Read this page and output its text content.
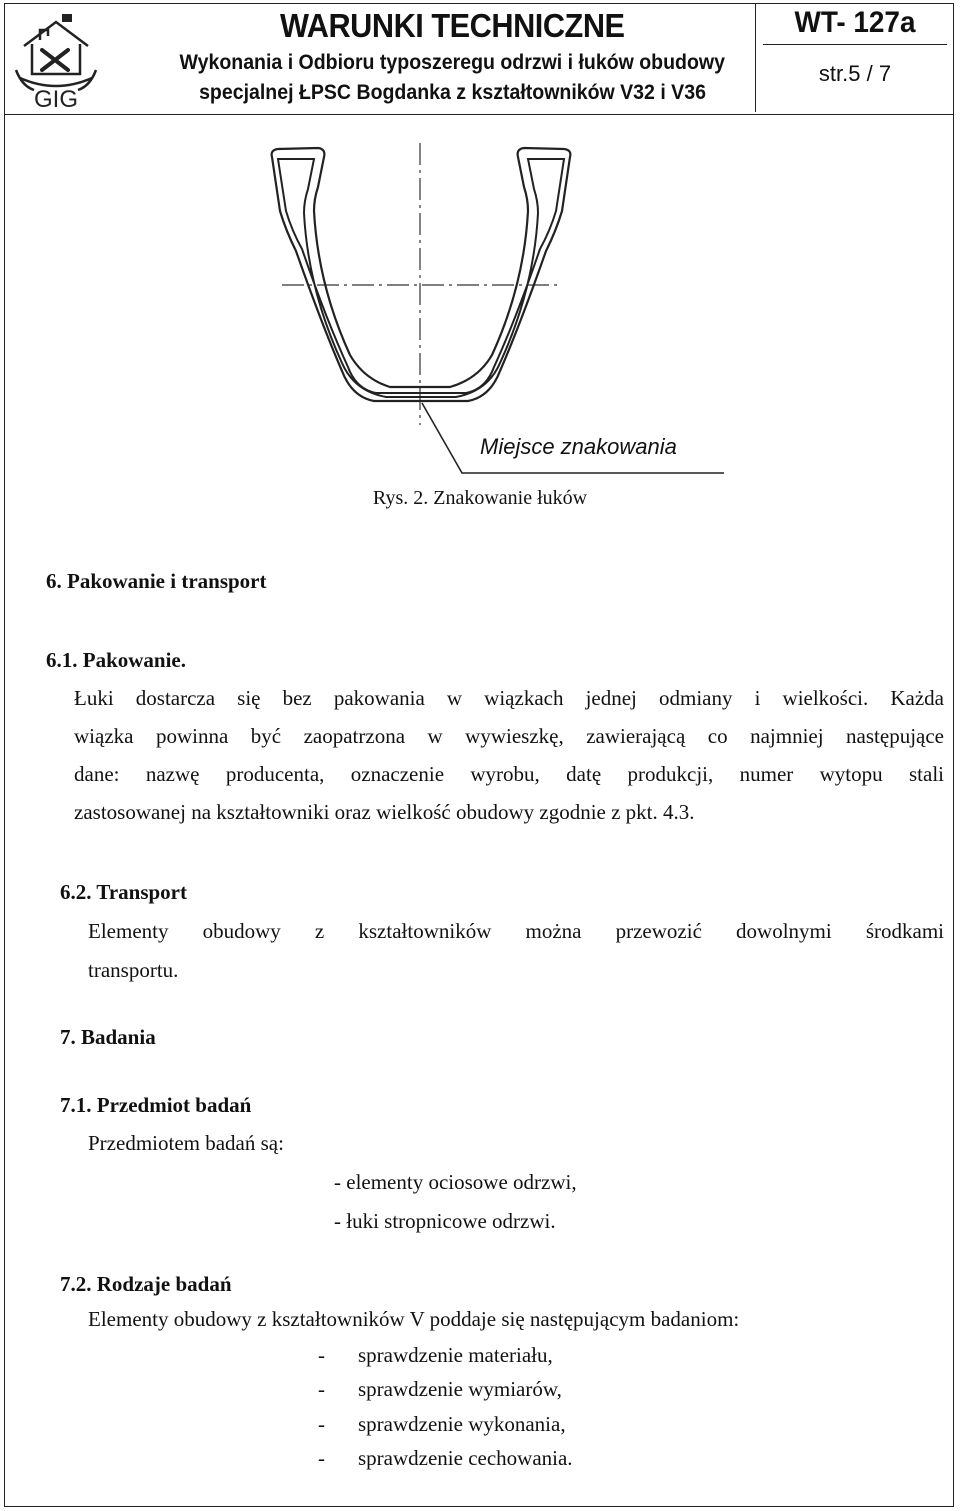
GIG
WARUNKI TECHNICZNE
Wykonania i Odbioru typoszeregu odrzwi i łuków obudowy
specjalnej ŁPSC Bogdanka z kształtowników V32 i V36
WT- 127a
str.5 / 7
Miejsce znakowania
Rys. 2. Znakowanie łuków
6. Pakowanie i transport
6.1. Pakowanie.
Łuki dostarcza się bez pakowania w wiązkach jednej odmiany i wielkości. Każda
wiązka powinna być zaopatrzona w wywieszkę, zawierającą co najmniej następujące
dane: nazwę producenta, oznaczenie wyrobu, datę produkcji, numer wytopu stali
zastosowanej na kształtowniki oraz wielkość obudowy zgodnie z pkt. 4.3.
6.2. Transport
Elementy obudowy z kształtowników można przewozić dowolnymi środkami
transportu.
7. Badania
7.1. Przedmiot badań
Przedmiotem badań są:
- elementy ociosowe odrzwi,
- łuki stropnicowe odrzwi.
7.2. Rodzaje badań
Elementy obudowy z kształtowników V poddaje się następującym badaniom:
- sprawdzenie materiału,
- sprawdzenie wymiarów,
- sprawdzenie wykonania,
- sprawdzenie cechowania.
